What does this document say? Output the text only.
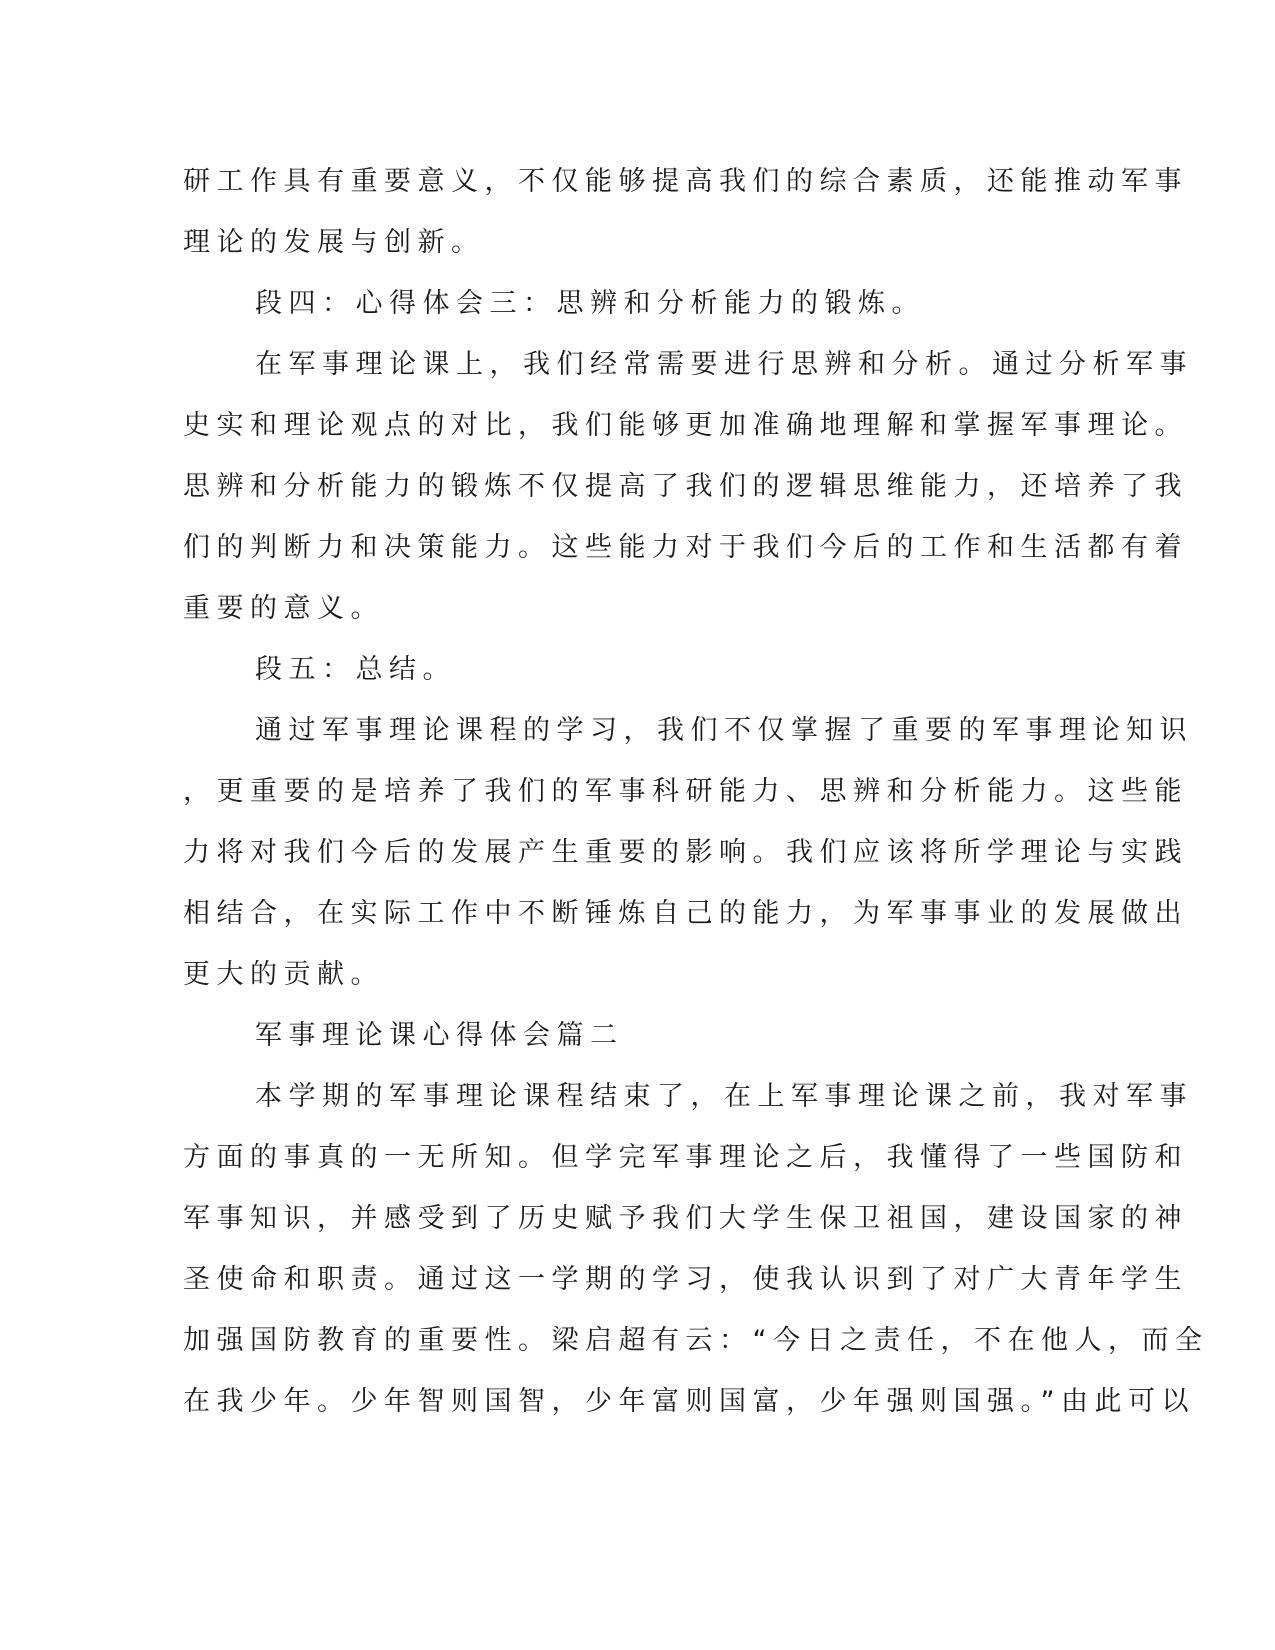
研工作具有重要意义，不仅能够提高我们的综合素质，还能推动军事
理论的发展与创新。
段四：心得体会三：思辨和分析能力的锻炼。
在军事理论课上，我们经常需要进行思辨和分析。通过分析军事
史实和理论观点的对比，我们能够更加准确地理解和掌握军事理论。
思辨和分析能力的锻炼不仅提高了我们的逻辑思维能力，还培养了我
们的判断力和决策能力。这些能力对于我们今后的工作和生活都有着
重要的意义。
段五：总结。
通过军事理论课程的学习，我们不仅掌握了重要的军事理论知识
，更重要的是培养了我们的军事科研能力、思辨和分析能力。这些能
力将对我们今后的发展产生重要的影响。我们应该将所学理论与实践
相结合，在实际工作中不断锤炼自己的能力，为军事事业的发展做出
更大的贡献。
军事理论课心得体会篇二
本学期的军事理论课程结束了，在上军事理论课之前，我对军事
方面的事真的一无所知。但学完军事理论之后，我懂得了一些国防和
军事知识，并感受到了历史赋予我们大学生保卫祖国，建设国家的神
圣使命和职责。通过这一学期的学习，使我认识到了对广大青年学生
加强国防教育的重要性。梁启超有云：“今日之责任，不在他人，而全
在我少年。少年智则国智，少年富则国富，少年强则国强。”由此可以
